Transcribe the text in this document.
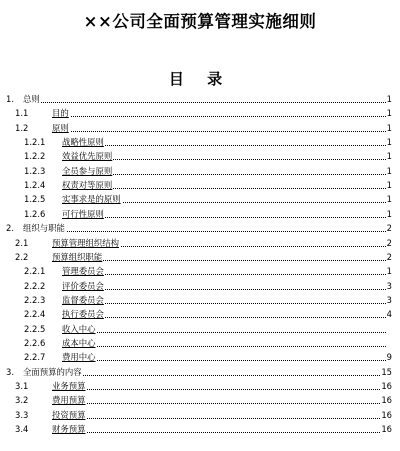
××公司全面预算管理实施细则
目 录
1. 总则	1
1.1	目的	1
1.2	原则	1
1.2.1 战略性原则	1
1.2.2 效益优先原则	1
1.2.3 全员参与原则	1
1.2.4 权责对等原则	1
1.2.5 实事求是的原则	1
1.2.6 可行性原则	1
2. 组织与职能	2
2.1	预算管理组织结构	2
2.2	预算组织职能	2
2.2.1 管理委员会	1
2.2.2 评价委员会	3
2.2.3 监督委员会	3
2.2.4 执行委员会	4
2.2.5 收入中心
2.2.6 成本中心
2.2.7 费用中心	9
3. 全面预算的内容	15
3.1	业务预算	16
3.2	费用预算	16
3.3	投资预算	16
3.4	财务预算	16
